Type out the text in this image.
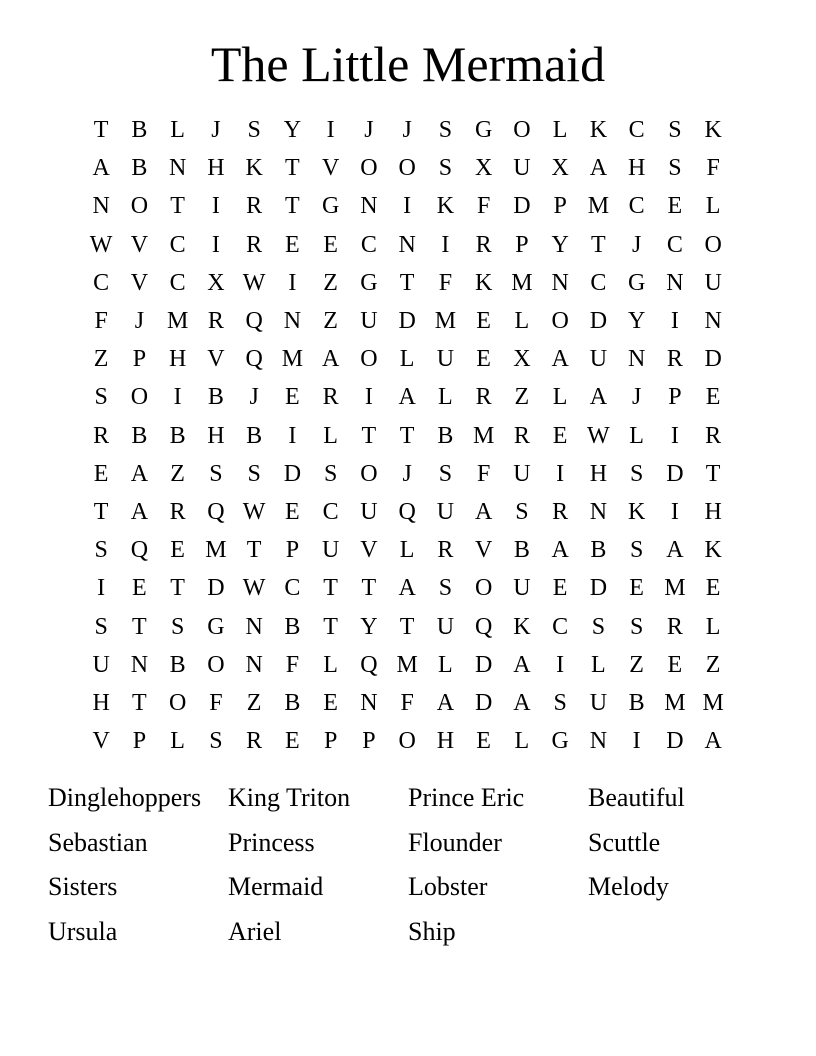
The Little Mermaid
T B L	J	S Y	I	J	J	S G O L K C S K
A B N H K T V O O S X U X A H S	F
N O T	I	R T G N	I	K F D P M C E L
W V C	I	R E E C N	I	R P Y T	J	C O
C V C X W I	Z G T	F K M N C G N U
F	J M R Q N Z U D M E L O D Y	I	N
Z	P H V Q M A O L U E X A U N R D
S O	I	B	J	E R	I	A L R Z L A	J	P	E
R B B H B	I	L T T B M R E W L	I	R
E A Z	S	S D S O	J	S	F U	I	H S D T
T A R Q W E C U Q U A S R N K	I	H
S Q E M T	P U V L R V B A B S A K
I	E T D W C T T A S O U E D E M E
S	T	S G N B T Y T U Q K C S	S R L
U N B O N F	L Q M L D A	I	L Z E Z
H T O F	Z B E N F A D A S U B M M
V P	L	S R E	P	P O H E L G N	I	D A
Dinglehoppers	King Triton	Prince Eric	Beautiful
Sebastian	Princess	Flounder	Scuttle
Sisters	Mermaid	Lobster	Melody
Ursula	Ariel	Ship
